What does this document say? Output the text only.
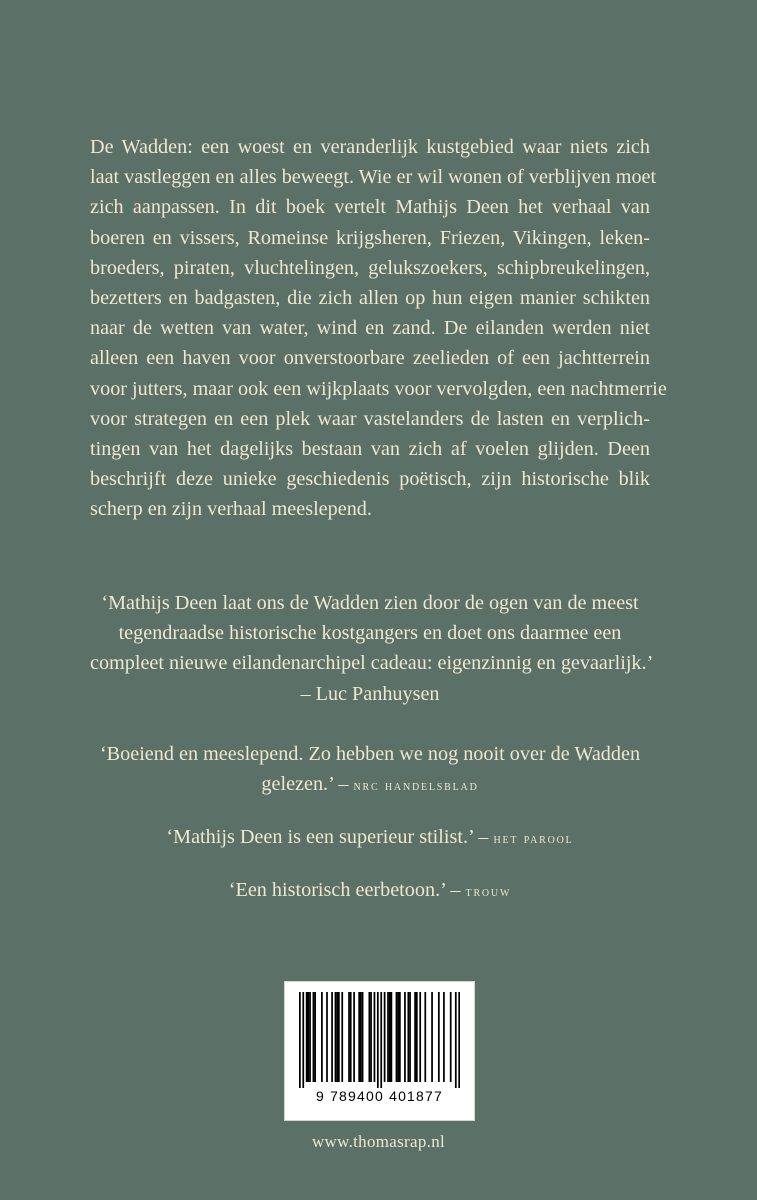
De Wadden: een woest en veranderlijk kustgebied waar niets zich
laat vastleggen en alles beweegt. Wie er wil wonen of verblijven moet
zich aanpassen. In dit boek vertelt Mathijs Deen het verhaal van
boeren en vissers, Romeinse krijgsheren, Friezen, Vikingen, leken-
broeders, piraten, vluchtelingen, gelukszoekers, schipbreukelingen,
bezetters en badgasten, die zich allen op hun eigen manier schikten
naar de wetten van water, wind en zand. De eilanden werden niet
alleen een haven voor onverstoorbare zeelieden of een jachtterrein
voor jutters, maar ook een wijkplaats voor vervolgden, een nachtmerrie
voor strategen en een plek waar vastelanders de lasten en verplich-
tingen van het dagelijks bestaan van zich af voelen glijden. Deen
beschrijft deze unieke geschiedenis poëtisch, zijn historische blik
scherp en zijn verhaal meeslepend.
‘Mathijs Deen laat ons de Wadden zien door de ogen van de meest
tegendraadse historische kostgangers en doet ons daarmee een
compleet nieuwe eilandenarchipel cadeau: eigenzinnig en gevaarlijk.’
– Luc Panhuysen
‘Boeiend en meeslepend. Zo hebben we nog nooit over de Wadden
gelezen.’ – nrc handelsblad
‘Mathijs Deen is een superieur stilist.’ – het parool
‘Een historisch eerbetoon.’ – trouw
9 789400 401877
www.thomasrap.nl
